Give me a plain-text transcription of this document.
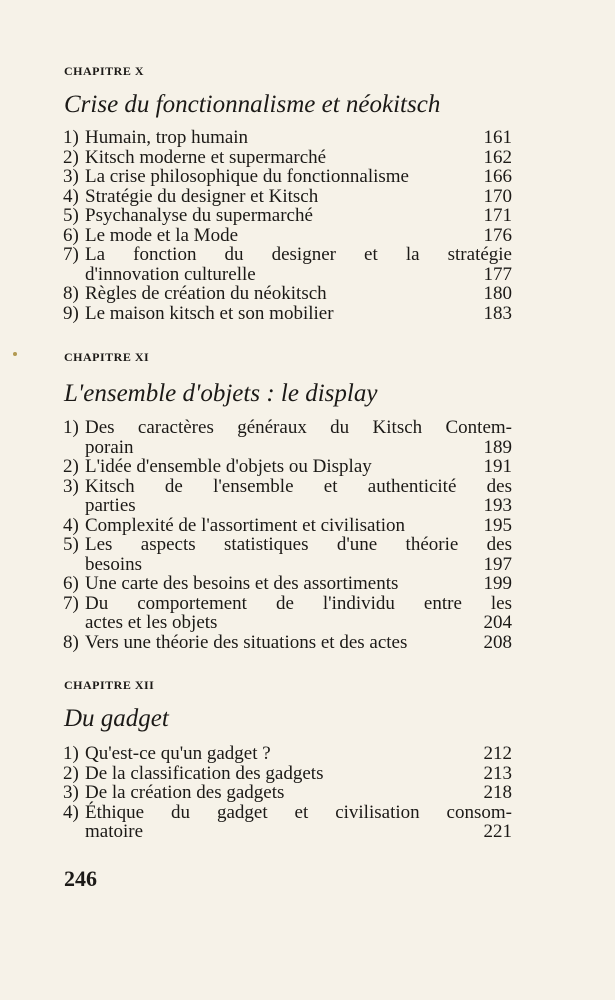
CHAPITRE X
Crise du fonctionnalisme et néokitsch
1) Humain, trop humain	161
2) Kitsch moderne et supermarché	162
3) La crise philosophique du fonctionnalisme	166
4) Stratégie du designer et Kitsch	170
5) Psychanalyse du supermarché	171
6) Le mode et la Mode	176
7) La fonction du designer et la stratégie
d'innovation culturelle	177
8) Règles de création du néokitsch	180
9) Le maison kitsch et son mobilier	183
CHAPITRE XI
L'ensemble d'objets : le display
1) Des caractères généraux du Kitsch Contem-
porain	189
2) L'idée d'ensemble d'objets ou Display	191
3) Kitsch de l'ensemble et authenticité des
parties	193
4) Complexité de l'assortiment et civilisation	195
5) Les aspects statistiques d'une théorie des
besoins	197
6) Une carte des besoins et des assortiments	199
7) Du comportement de l'individu entre les
actes et les objets	204
8) Vers une théorie des situations et des actes	208
CHAPITRE XII
Du gadget
1) Qu'est-ce qu'un gadget ?	212
2) De la classification des gadgets	213
3) De la création des gadgets	218
4) Éthique du gadget et civilisation consom-
matoire	221
246
